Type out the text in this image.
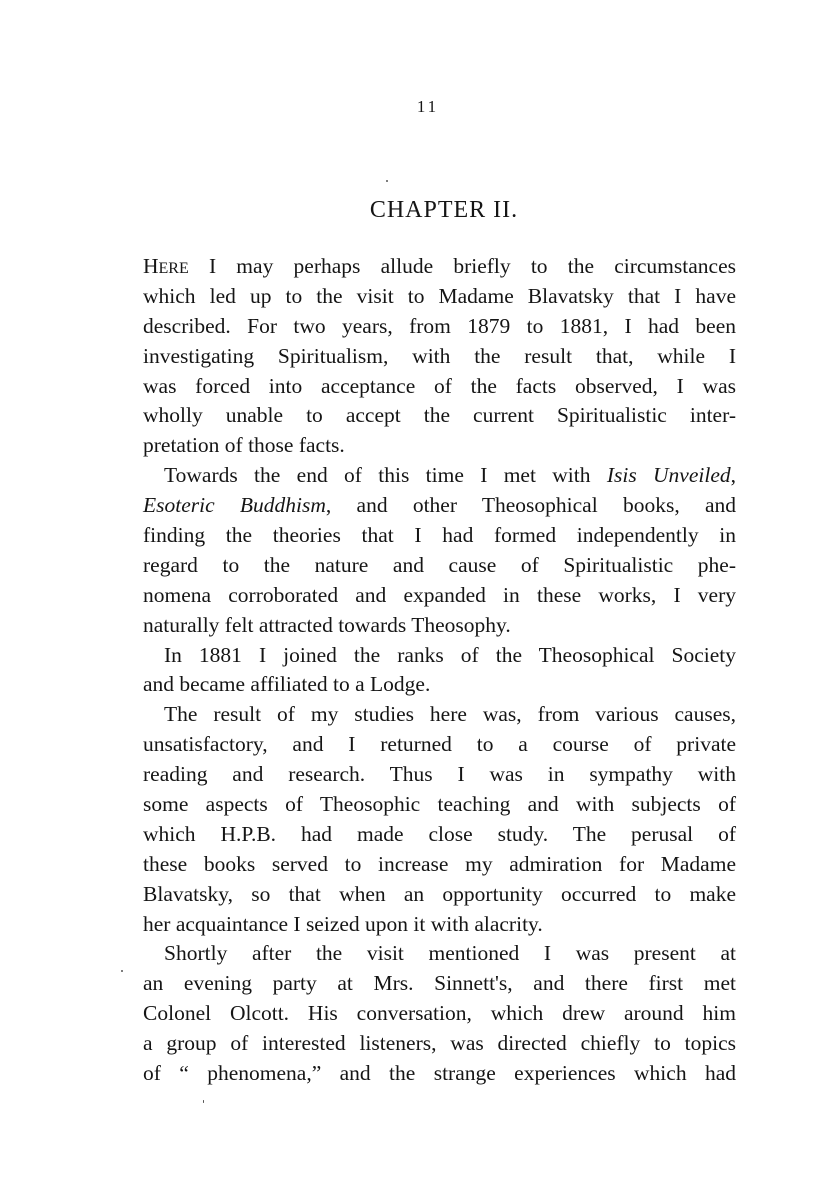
11
CHAPTER II.
HERE I may perhaps allude briefly to the circumstances
which led up to the visit to Madame Blavatsky that I have
described. For two years, from 1879 to 1881, I had been
investigating Spiritualism, with the result that, while I
was forced into acceptance of the facts observed, I was
wholly unable to accept the current Spiritualistic inter-
pretation of those facts.
Towards the end of this time I met with Isis Unveiled,
Esoteric Buddhism, and other Theosophical books, and
finding the theories that I had formed independently in
regard to the nature and cause of Spiritualistic phe-
nomena corroborated and expanded in these works, I very
naturally felt attracted towards Theosophy.
In 1881 I joined the ranks of the Theosophical Society
and became affiliated to a Lodge.
The result of my studies here was, from various causes,
unsatisfactory, and I returned to a course of private
reading and research. Thus I was in sympathy with
some aspects of Theosophic teaching and with subjects of
which H.P.B. had made close study. The perusal of
these books served to increase my admiration for Madame
Blavatsky, so that when an opportunity occurred to make
her acquaintance I seized upon it with alacrity.
Shortly after the visit mentioned I was present at
an evening party at Mrs. Sinnett's, and there first met
Colonel Olcott. His conversation, which drew around him
a group of interested listeners, was directed chiefly to topics
of “ phenomena,” and the strange experiences which had
